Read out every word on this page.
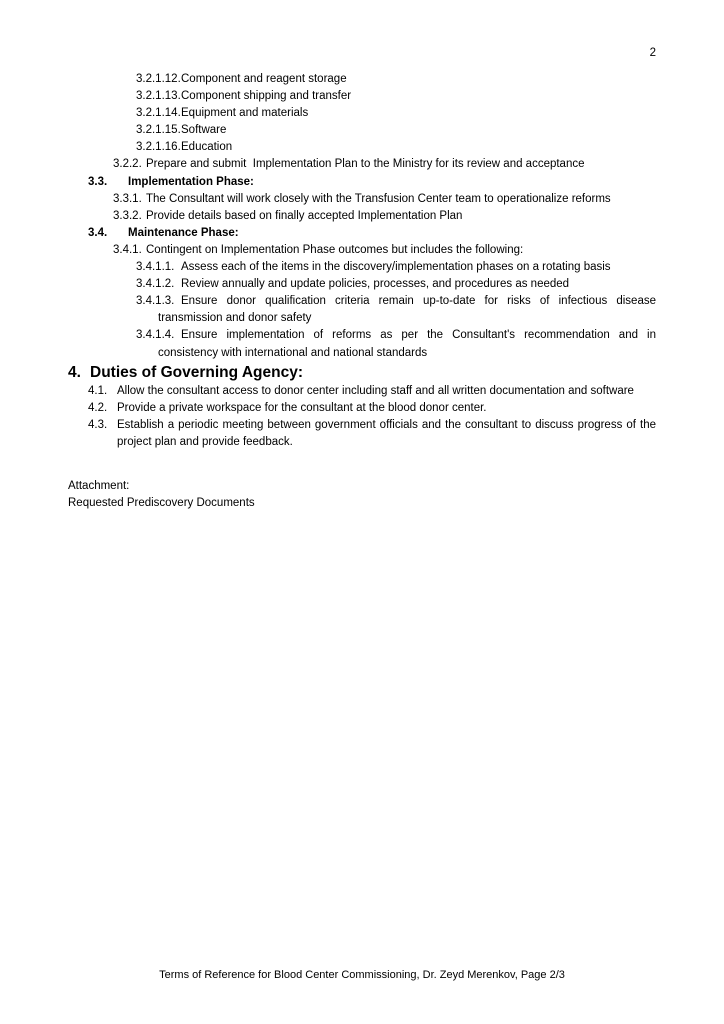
2

3.2.1.12.Component and reagent storage

3.2.1.13.Component shipping and transfer

3.2.1.14.Equipment and materials

3.2.1.15.Software

3.2.1.16.Education

3.2.2. Prepare and submit  Implementation Plan to the Ministry for its review and acceptance

3.3. Implementation Phase:

3.3.1. The Consultant will work closely with the Transfusion Center team to operationalize reforms

3.3.2. Provide details based on finally accepted Implementation Plan

3.4. Maintenance Phase:

3.4.1. Contingent on Implementation Phase outcomes but includes the following:

3.4.1.1. Assess each of the items in the discovery/implementation phases on a rotating basis

3.4.1.2. Review annually and update policies, processes, and procedures as needed

3.4.1.3. Ensure donor qualification criteria remain up-to-date for risks of infectious disease transmission and donor safety

3.4.1.4. Ensure implementation of reforms as per the Consultant's recommendation and in consistency with international and national standards

4. Duties of Governing Agency:

4.1. Allow the consultant access to donor center including staff and all written documentation and software

4.2. Provide a private workspace for the consultant at the blood donor center.

4.3. Establish a periodic meeting between government officials and the consultant to discuss progress of the project plan and provide feedback.

Attachment:
Requested Prediscovery Documents
Terms of Reference for Blood Center Commissioning, Dr. Zeyd Merenkov, Page 2/3
